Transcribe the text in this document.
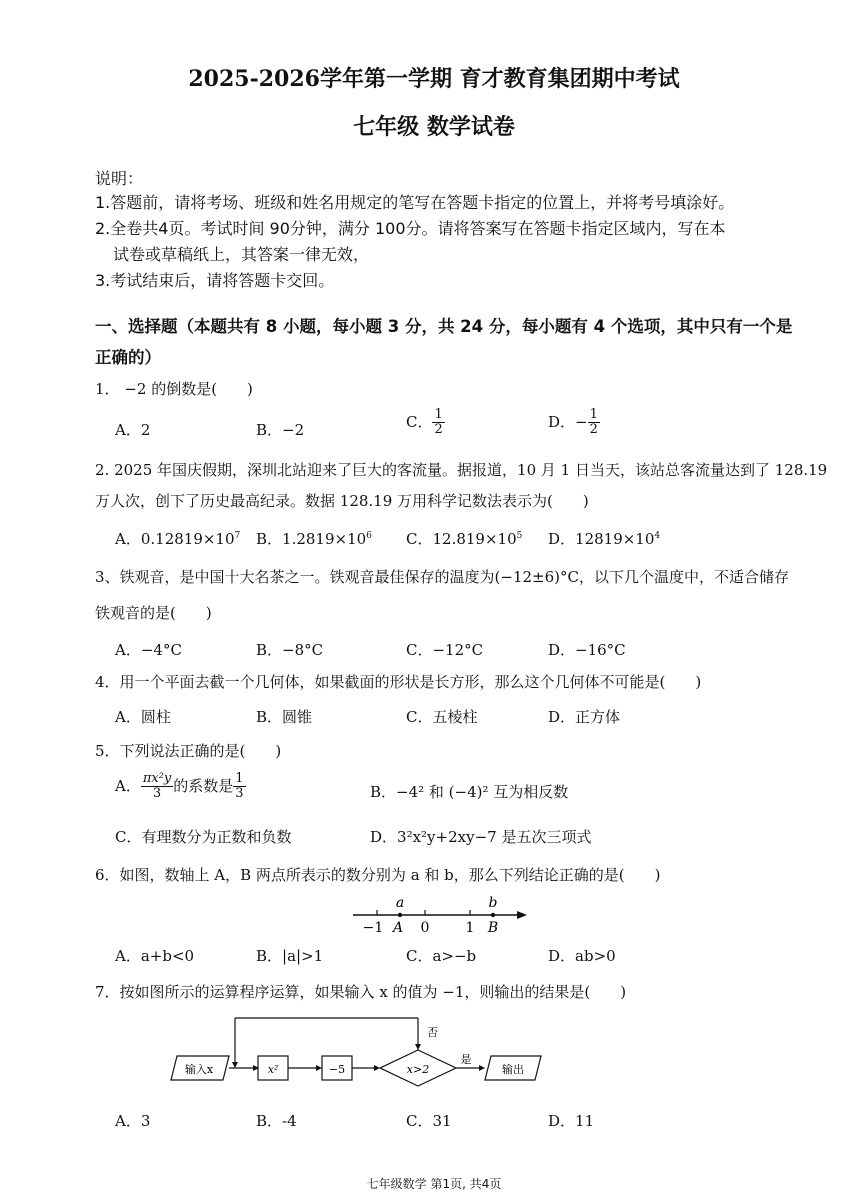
2025-2026学年第一学期 育才教育集团期中考试
七年级 数学试卷
说明：
1.答题前，请将考场、班级和姓名用规定的笔写在答题卡指定的位置上，并将考号填涂好。
2.全卷共4页。考试时间 90分钟，满分 100分。请将答案写在答题卡指定区域内，写在本
试卷或草稿纸上，其答案一律无效，
3.考试结束后，请将答题卡交回。
一、选择题（本题共有 8 小题，每小题 3 分，共 24 分，每小题有 4 个选项，其中只有一个是
正确的）
1． −2 的倒数是(　　)
A．2	B．−2	C． $\frac{1}{2}$	D．− $\frac{1}{2}$
2. 2025 年国庆假期，深圳北站迎来了巨大的客流量。据报道，10 月 1 日当天，该站总客流量达到了 128.19
万人次，创下了历史最高纪录。数据 128.19 万用科学记数法表示为(　　)
A．$0.12819\times 10^7$ B．$1.2819\times 10^6$ C．$12.819\times 10^5$ D．$12819\times 10^4$
3、铁观音，是中国十大名茶之一。铁观音最佳保存的温度为(−12±6)°C，以下几个温度中，不适合储存
铁观音的是(　　)
A．−4°C	B．−8°C	C．−12°C	D．−16°C
4．用一个平面去截一个几何体，如果截面的形状是长方形，那么这个几何体不可能是(　　)
A．圆柱	B．圆锥	C．五棱柱	D．正方体
5．下列说法正确的是(　　)
A． $\frac{\text{πx²y}}{3}$ 的系数是 $\frac{1}{3}$	B．−4² 和 (−4)² 互为相反数
C．有理数分为正数和负数	D．3²x²y+2xy−7 是五次三项式
6．如图，数轴上 A，B 两点所表示的数分别为 a 和 b，那么下列结论正确的是(　　)
a	b
−1 A 0	1 B
A．a+b<0	B．|a|>1	C．a>−b	D．ab>0
7．按如图所示的运算程序运算，如果输入 x 的值为 −1，则输出的结果是(　　)
输入x	x²	−5	x>2
是
输出
否
A．3	B．-4	C．31	D．11
七年级数学 第1页, 共4页
